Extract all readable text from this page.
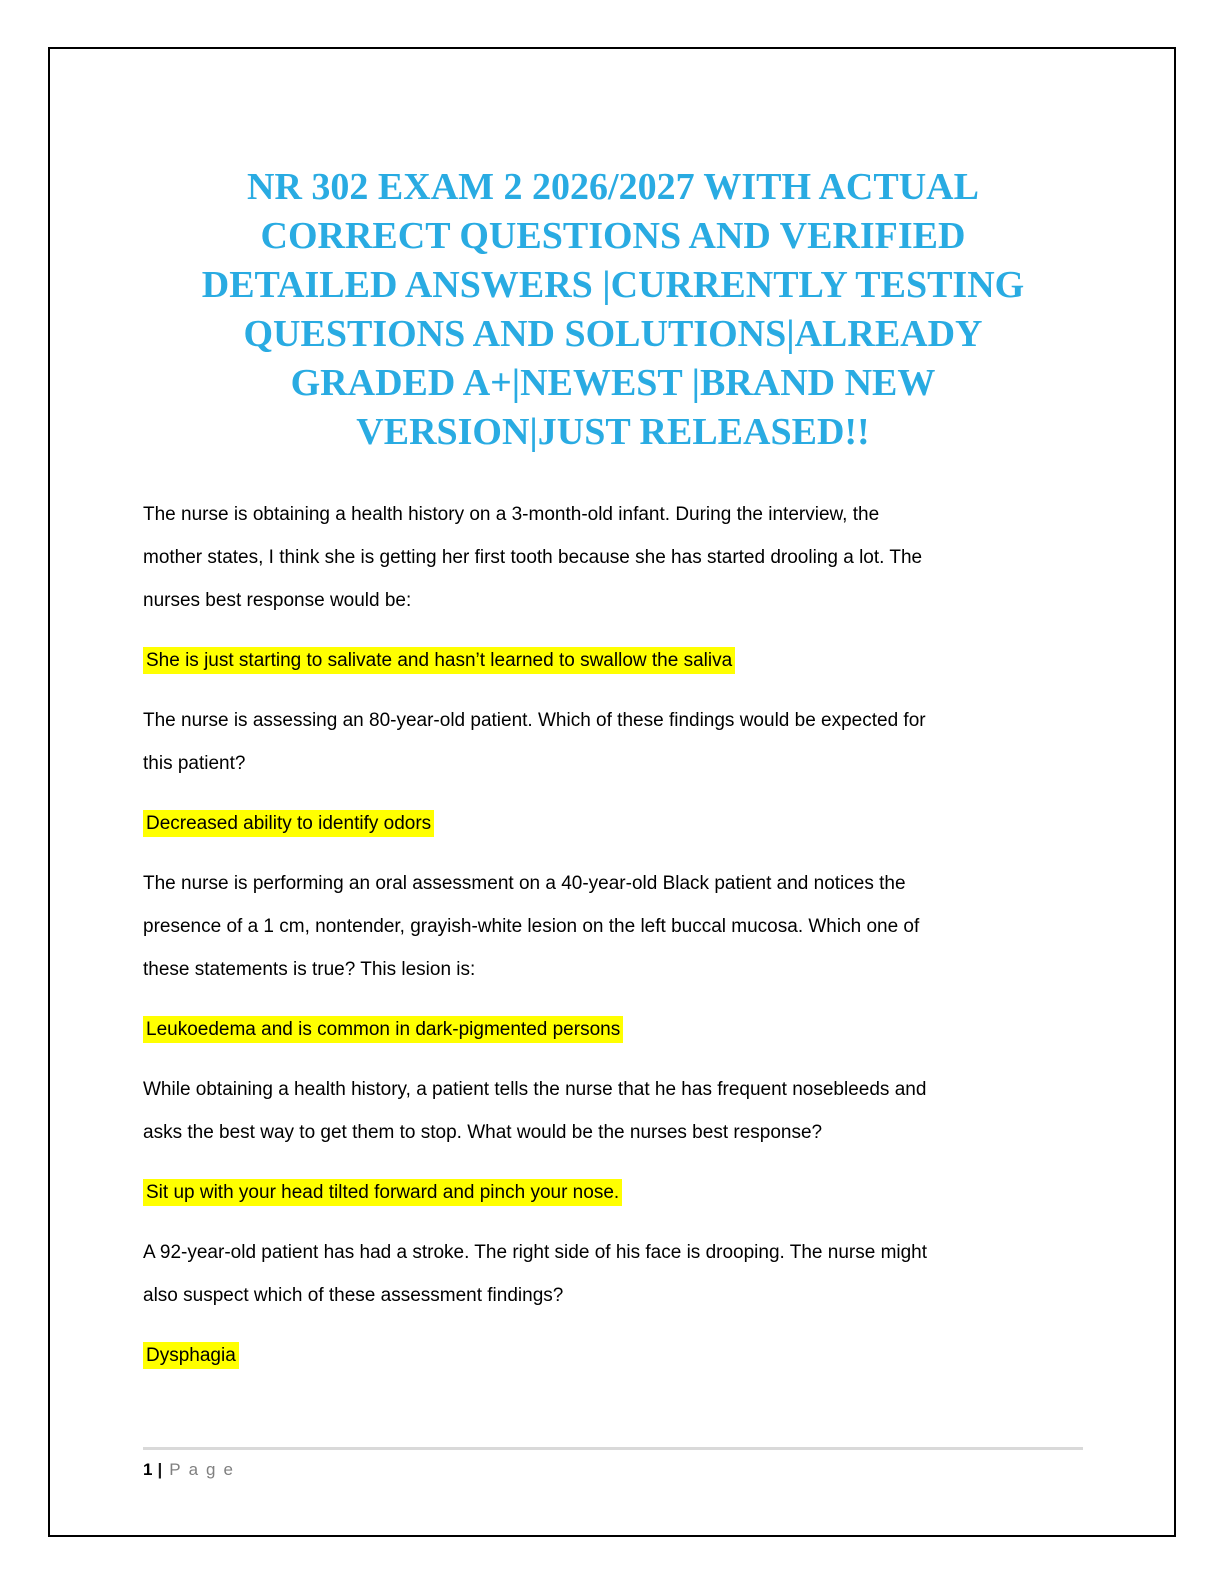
NR 302 EXAM 2 2026/2027 WITH ACTUAL
CORRECT QUESTIONS AND VERIFIED
DETAILED ANSWERS |CURRENTLY TESTING
QUESTIONS AND SOLUTIONS|ALREADY
GRADED A+|NEWEST |BRAND NEW
VERSION|JUST RELEASED!!
The nurse is obtaining a health history on a 3-month-old infant. During the interview, the
mother states, I think she is getting her first tooth because she has started drooling a lot. The
nurses best response would be:
She is just starting to salivate and hasn’t learned to swallow the saliva
The nurse is assessing an 80-year-old patient. Which of these findings would be expected for
this patient?
Decreased ability to identify odors
The nurse is performing an oral assessment on a 40-year-old Black patient and notices the
presence of a 1 cm, nontender, grayish-white lesion on the left buccal mucosa. Which one of
these statements is true? This lesion is:
Leukoedema and is common in dark-pigmented persons
While obtaining a health history, a patient tells the nurse that he has frequent nosebleeds and
asks the best way to get them to stop. What would be the nurses best response?
Sit up with your head tilted forward and pinch your nose.
A 92-year-old patient has had a stroke. The right side of his face is drooping. The nurse might
also suspect which of these assessment findings?
Dysphagia
1 | Page
